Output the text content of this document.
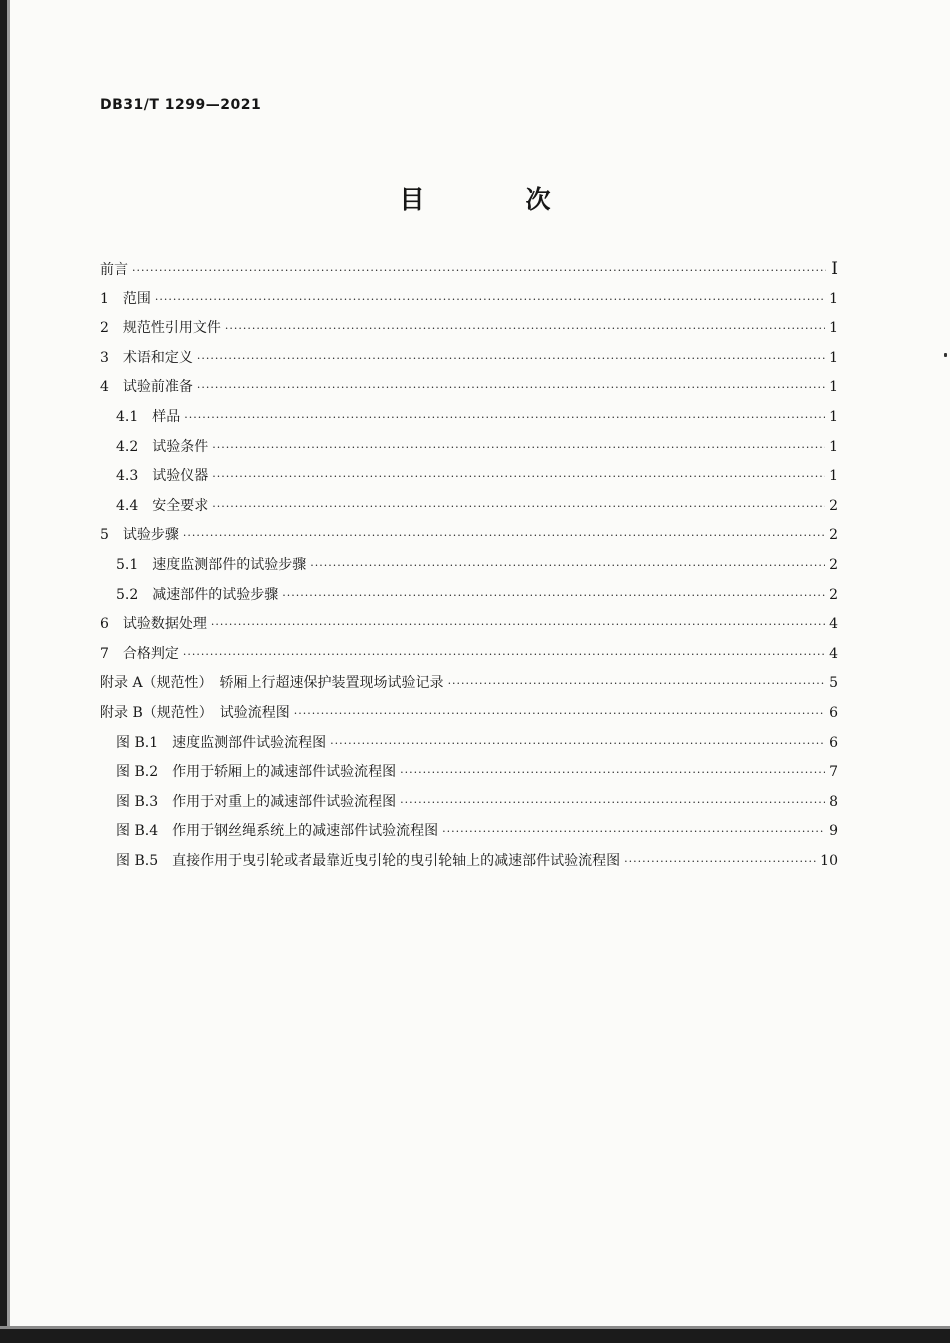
DB31/T 1299—2021
目　次
前言 ·····	I
1　范围 ·····	1
2　规范性引用文件 ·····	1
3　术语和定义 ·····	1
4　试验前准备 ·····	1
4.1　样品 ·····	1
4.2　试验条件 ·····	1
4.3　试验仪器 ·····	1
4.4　安全要求 ·····	2
5　试验步骤 ·····	2
5.1　速度监测部件的试验步骤 ·····	2
5.2　减速部件的试验步骤 ·····	2
6　试验数据处理 ·····	4
7　合格判定 ·····	4
附录 A（规范性）　轿厢上行超速保护装置现场试验记录 ·····	5
附录 B（规范性）　试验流程图 ·····	6
图 B.1　速度监测部件试验流程图 ·····	6
图 B.2　作用于轿厢上的减速部件试验流程图 ·····	7
图 B.3　作用于对重上的减速部件试验流程图 ·····	8
图 B.4　作用于钢丝绳系统上的减速部件试验流程图 ·····	9
图 B.5　直接作用于曳引轮或者最靠近曳引轮的曳引轮轴上的减速部件试验流程图 ·····	10
